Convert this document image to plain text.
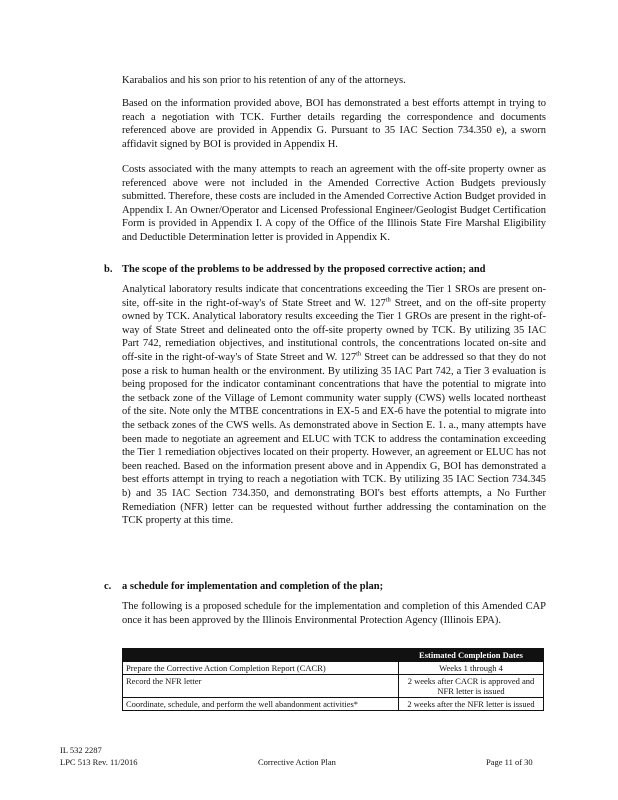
Karabalios and his son prior to his retention of any of the attorneys.

Based on the information provided above, BOI has demonstrated a best efforts attempt in trying to reach a negotiation with TCK. Further details regarding the correspondence and documents referenced above are provided in Appendix G. Pursuant to 35 IAC Section 734.350 e), a sworn affidavit signed by BOI is provided in Appendix H.

Costs associated with the many attempts to reach an agreement with the off-site property owner as referenced above were not included in the Amended Corrective Action Budgets previously submitted. Therefore, these costs are included in the Amended Corrective Action Budget provided in Appendix I. An Owner/Operator and Licensed Professional Engineer/Geologist Budget Certification Form is provided in Appendix I. A copy of the Office of the Illinois State Fire Marshal Eligibility and Deductible Determination letter is provided in Appendix K.

b. The scope of the problems to be addressed by the proposed corrective action; and

Analytical laboratory results indicate that concentrations exceeding the Tier 1 SROs are present on-site, off-site in the right-of-way's of State Street and W. 127th Street, and on the off-site property owned by TCK. Analytical laboratory results exceeding the Tier 1 GROs are present in the right-of-way of State Street and delineated onto the off-site property owned by TCK. By utilizing 35 IAC Part 742, remediation objectives, and institutional controls, the concentrations located on-site and off-site in the right-of-way's of State Street and W. 127th Street can be addressed so that they do not pose a risk to human health or the environment. By utilizing 35 IAC Part 742, a Tier 3 evaluation is being proposed for the indicator contaminant concentrations that have the potential to migrate into the setback zone of the Village of Lemont community water supply (CWS) wells located northeast of the site. Note only the MTBE concentrations in EX-5 and EX-6 have the potential to migrate into the setback zones of the CWS wells. As demonstrated above in Section E. 1. a., many attempts have been made to negotiate an agreement and ELUC with TCK to address the contamination exceeding the Tier 1 remediation objectives located on their property. However, an agreement or ELUC has not been reached. Based on the information present above and in Appendix G, BOI has demonstrated a best efforts attempt in trying to reach a negotiation with TCK. By utilizing 35 IAC Section 734.345 b) and 35 IAC Section 734.350, and demonstrating BOI's best efforts attempts, a No Further Remediation (NFR) letter can be requested without further addressing the contamination on the TCK property at this time.

c. a schedule for implementation and completion of the plan;

The following is a proposed schedule for the implementation and completion of this Amended CAP once it has been approved by the Illinois Environmental Protection Agency (Illinois EPA).

	Estimated Completion Dates
Prepare the Corrective Action Completion Report (CACR)	Weeks 1 through 4
Record the NFR letter	2 weeks after CACR is approved and NFR letter is issued
Coordinate, schedule, and perform the well abandonment activities*	2 weeks after the NFR letter is issued
IL 532 2287
LPC 513 Rev. 11/2016	Corrective Action Plan	Page 11 of 30
